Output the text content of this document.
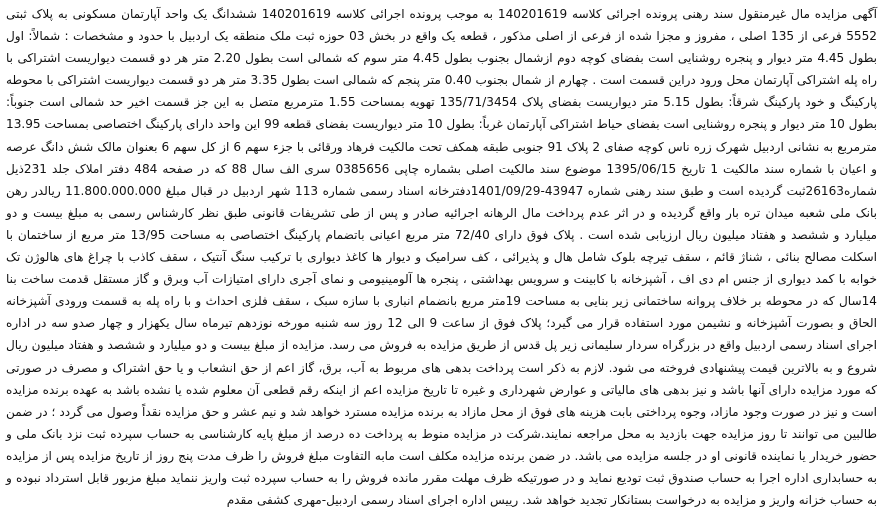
آگهی مزایده مال غیرمنقول سند رهنی پرونده اجرائی کلاسه 140201619 به موجب پرونده اجرائی کلاسه 140201619 ششدانگ یک واحد آپارتمان مسکونی به پلاک ثبتی 5552 فرعی از 135 اصلی ، مفروز و مجزا شده از فرعی از اصلی مذکور ، قطعه یک واقع در بخش 03 حوزه ثبت ملک منطقه یک اردبیل با حدود و مشخصات : شمالاً: اول بطول 4.45 متر دیوار و پنجره روشنایی است بفضای کوچه دوم ازشمال بجنوب بطول 4.45 متر سوم که شمالی است بطول 2.20 متر هر دو قسمت دیواریست اشتراکی با راه پله اشتراکی آپارتمان محل ورود دراین قسمت است . چهارم از شمال بجنوب 0.40 متر پنجم که شمالی است بطول 3.35 متر هر دو قسمت دیواریست اشتراکی با محوطه پارکینگ و خود پارکینگ شرقاً: بطول 5.15 متر دیواریست بفضای پلاک 135/71/3454 تهویه بمساحت 1.55 مترمربع متصل به این جز قسمت اخیر حد شمالی است جنوباً: بطول 10 متر دیوار و پنجره روشنایی است بفضای حیاط اشتراکی آپارتمان غرباً: بطول 10 متر دیواریست بفضای قطعه 99 این واحد دارای پارکینگ اختصاصی بمساحت 13.95 مترمربع به نشانی اردبیل شهرک زره ناس کوچه صفای 2 پلاک 91 جنوبی طبقه همکف تحت مالکیت فرهاد ورقائی با جزء سهم 6 از کل سهم 6 بعنوان مالک شش دانگ عرصه و اعیان با شماره سند مالکیت 1 تاریخ 1395/06/15 موضوع سند مالکیت اصلی بشماره چاپی 0385656 سری الف سال 88 که در صفحه 484 دفتر املاک جلد 231ذیل شماره26163ثبت گردیده است و طبق سند رهنی شماره 43947-1401/09/29دفترخانه اسناد رسمی شماره 113 شهر اردبیل در قبال مبلغ 11.800.000.000 ریالدر رهن بانک ملی شعبه میدان تره بار واقع گردیده و در اثر عدم پرداخت مال الرهانه اجرائیه صادر و پس از طی تشریفات قانونی طبق نظر کارشناس رسمی به مبلغ بیست و دو میلیارد و ششصد و هفتاد میلیون ریال ارزیابی شده است . پلاک فوق دارای 72/40 متر مربع اعیانی باتضمام پارکینگ اختصاصی به مساحت 13/95 متر مربع از ساختمان با اسکلت مصالح بنائی ، شناژ قائم ، سقف تیرچه بلوک شامل هال و پذیرائی ، کف سرامیک و دیوار ها کاغذ دیواری با ترکیب سنگ آنتیک ، سقف کاذب با چراغ های هالوژن تک خوابه با کمد دیواری از جنس ام دی اف ، آشپزخانه با کابینت و سرویس بهداشتی ، پنجره ها آلومینیومی و نمای آجری دارای امتیازات آب وبرق و گاز مستقل قدمت ساخت بنا 14سال که در محوطه بر خلاف پروانه ساختمانی زیر بنایی به مساحت 19متر مربع بانضمام انباری با سازه سبک ، سقف فلزی احداث و با راه پله به قسمت ورودی آشپزخانه الحاق و بصورت آشپزخانه و نشیمن مورد استفاده قرار می گیرد؛ پلاک فوق از ساعت 9 الی 12 روز سه شنبه مورخه نوزدهم تیرماه سال یکهزار و چهار صدو سه در اداره اجرای اسناد رسمی اردبیل واقع در بزرگراه سردار سلیمانی زیر پل قدس از طریق مزایده به فروش می رسد. مزایده از مبلغ بیست و دو میلیارد و ششصد و هفتاد میلیون ریال شروع و به بالاترین قیمت پیشنهادی فروخته می شود. لازم به ذکر است پرداخت بدهی های مربوط به آب، برق، گاز اعم از حق انشعاب و یا حق اشتراک و مصرف در صورتی که مورد مزایده دارای آنها باشد و نیز بدهی های مالیاتی و عوارض شهرداری و غیره تا تاریخ مزایده اعم از اینکه رقم قطعی آن معلوم شده یا نشده باشد به عهده برنده مزایده است و نیز در صورت وجود مازاد، وجوه پرداختی بابت هزینه های فوق از محل مازاد به برنده مزایده مسترد خواهد شد و نیم عشر و حق مزایده نقداً وصول می گردد ؛ در ضمن طالبین می توانند تا روز مزایده جهت بازدید به محل مراجعه نمایند.شرکت در مزایده منوط به پرداخت ده درصد از مبلغ پایه کارشناسی به حساب سپرده ثبت نزد بانک ملی و حضور خریدار یا نماینده قانونی او در جلسه مزایده می باشد. در ضمن برنده مزایده مکلف است مابه التفاوت مبلغ فروش را ظرف مدت پنج روز از تاریخ مزایده پس از مزایده به حسابداری اداره اجرا به حساب صندوق ثبت تودیع نماید و در صورتیکه ظرف مهلت مقرر مانده فروش را به حساب سپرده ثبت واریز ننماید مبلغ مزبور قابل استرداد نبوده و به حساب خزانه واریز و مزایده به درخواست بستانکار تجدید خواهد شد. رییس اداره اجرای اسناد رسمی اردبیل-مهری کشفی مقدم
